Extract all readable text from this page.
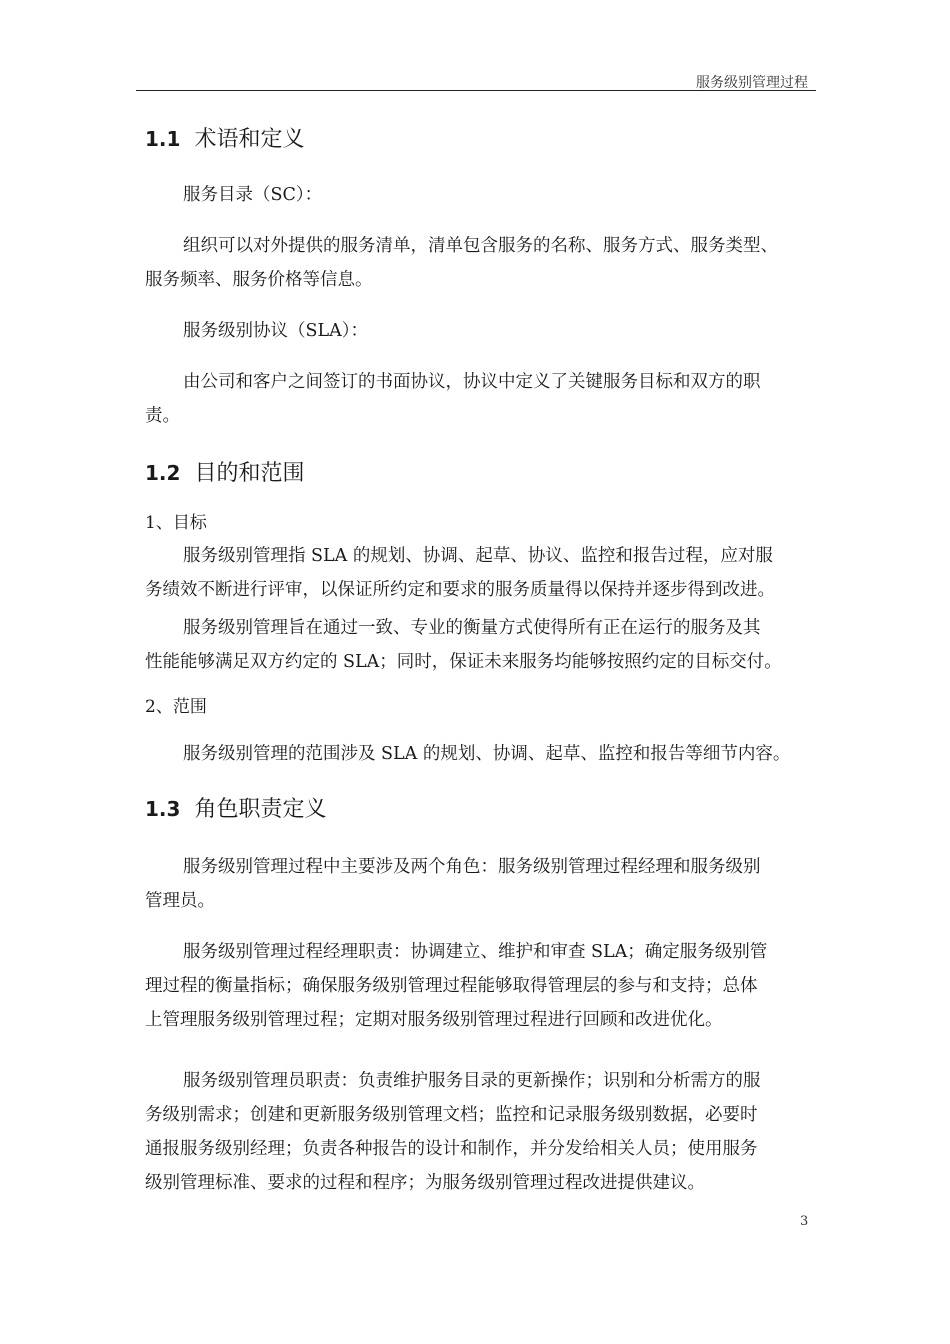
服务级别管理过程
1.1 术语和定义
服务目录（SC）：
组织可以对外提供的服务清单，清单包含服务的名称、服务方式、服务类型、
服务频率、服务价格等信息。
服务级别协议（SLA）：
由公司和客户之间签订的书面协议，协议中定义了关键服务目标和双方的职
责。
1.2 目的和范围
1、目标
服务级别管理指 SLA 的规划、协调、起草、协议、监控和报告过程，应对服
务绩效不断进行评审，以保证所约定和要求的服务质量得以保持并逐步得到改进。
服务级别管理旨在通过一致、专业的衡量方式使得所有正在运行的服务及其
性能能够满足双方约定的 SLA；同时，保证未来服务均能够按照约定的目标交付。
2、范围
服务级别管理的范围涉及 SLA 的规划、协调、起草、监控和报告等细节内容。
1.3 角色职责定义
服务级别管理过程中主要涉及两个角色：服务级别管理过程经理和服务级别
管理员。
服务级别管理过程经理职责：协调建立、维护和审查 SLA；确定服务级别管
理过程的衡量指标；确保服务级别管理过程能够取得管理层的参与和支持；总体
上管理服务级别管理过程；定期对服务级别管理过程进行回顾和改进优化。
服务级别管理员职责：负责维护服务目录的更新操作；识别和分析需方的服
务级别需求；创建和更新服务级别管理文档；监控和记录服务级别数据，必要时
通报服务级别经理；负责各种报告的设计和制作，并分发给相关人员；使用服务
级别管理标准、要求的过程和程序；为服务级别管理过程改进提供建议。
3
